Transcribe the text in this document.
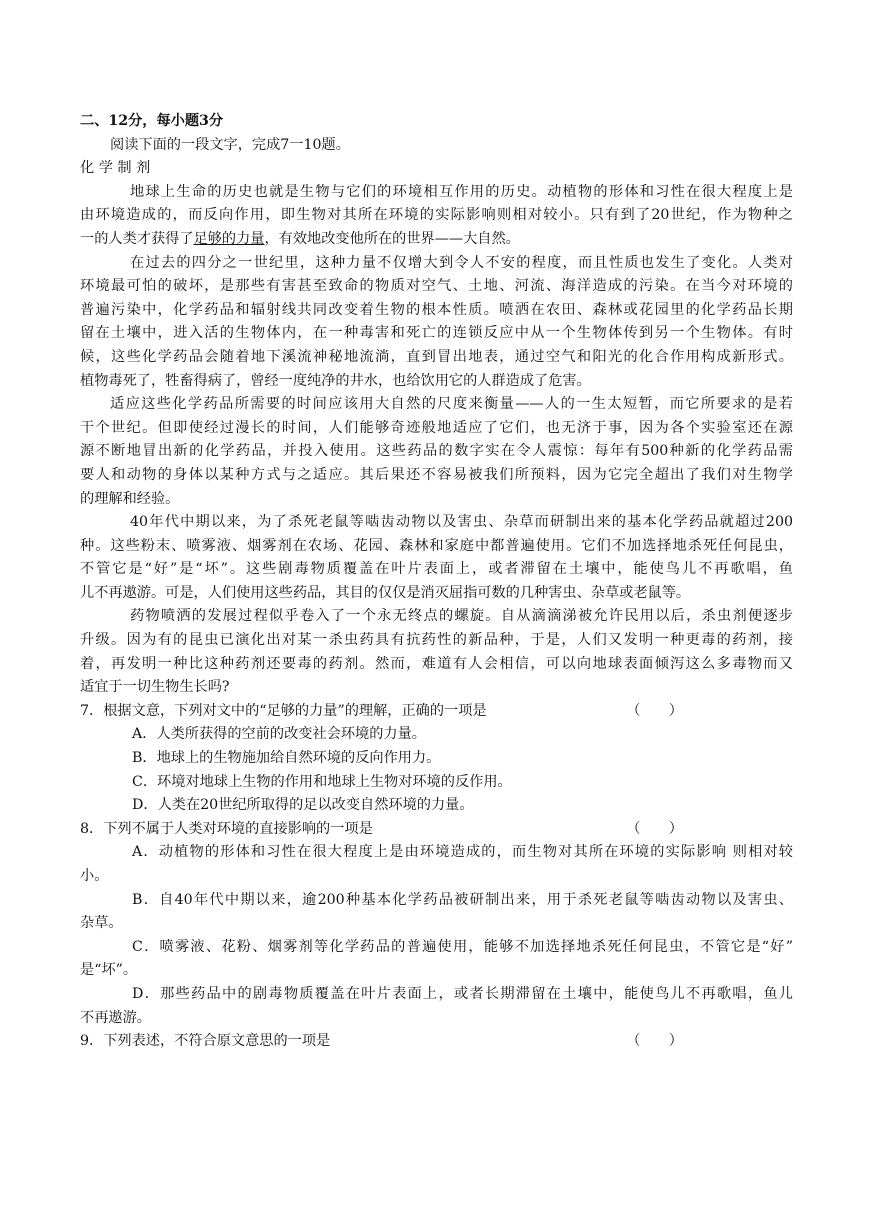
二、12分，每小题3分
阅读下面的一段文字，完成7一10题。
化 学 制 剂
地球上生命的历史也就是生物与它们的环境相互作用的历史。动植物的形体和习性在很大程度上是
由环境造成的，而反向作用，即生物对其所在环境的实际影响则相对较小。只有到了20世纪，作为物种之
一的人类才获得了足够的力量，有效地改变他所在的世界——大自然。
在过去的四分之一世纪里，这种力量不仅增大到令人不安的程度，而且性质也发生了变化。人类对
环境最可怕的破坏，是那些有害甚至致命的物质对空气、土地、河流、海洋造成的污染。在当今对环境的
普遍污染中，化学药品和辐射线共同改变着生物的根本性质。喷洒在农田、森林或花园里的化学药品长期
留在土壤中，进入活的生物体内，在一种毒害和死亡的连锁反应中从一个生物体传到另一个生物体。有时
候，这些化学药品会随着地下溪流神秘地流淌，直到冒出地表，通过空气和阳光的化合作用构成新形式。
植物毒死了，牲畜得病了，曾经一度纯净的井水，也给饮用它的人群造成了危害。
适应这些化学药品所需要的时间应该用大自然的尺度来衡量——人的一生太短暂，而它所要求的是若
干个世纪。但即使经过漫长的时间，人们能够奇迹般地适应了它们，也无济于事，因为各个实验室还在源
源不断地冒出新的化学药品，并投入使用。这些药品的数字实在令人震惊：每年有500种新的化学药品需
要人和动物的身体以某种方式与之适应。其后果还不容易被我们所预料，因为它完全超出了我们对生物学
的理解和经验。
40年代中期以来，为了杀死老鼠等啮齿动物以及害虫、杂草而研制出来的基本化学药品就超过200
种。这些粉末、喷雾液、烟雾剂在农场、花园、森林和家庭中都普遍使用。它们不加选择地杀死任何昆虫，
不管它是“好”是“坏”。这些剧毒物质覆盖在叶片表面上，或者滞留在土壤中，能使鸟儿不再歌唱，鱼
儿不再遨游。可是，人们使用这些药品，其目的仅仅是消灭屈指可数的几种害虫、杂草或老鼠等。
药物喷洒的发展过程似乎卷入了一个永无终点的螺旋。自从滴滴涕被允许民用以后，杀虫剂便逐步
升级。因为有的昆虫已演化出对某一杀虫药具有抗药性的新品种，于是，人们又发明一种更毒的药剂，接
着，再发明一种比这种药剂还要毒的药剂。然而，难道有人会相信，可以向地球表面倾泻这么多毒物而又
适宜于一切生物生长吗?
7．根据文意，下列对文中的“足够的力量”的理解，正确的一项是	（　　）
A．人类所获得的空前的改变社会环境的力量。
B．地球上的生物施加给自然环境的反向作用力。
C．环境对地球上生物的作用和地球上生物对环境的反作用。
D．人类在20世纪所取得的足以改变自然环境的力量。
8．下列不属于人类对环境的直接影响的一项是	（　　）
A．动植物的形体和习性在很大程度上是由环境造成的，而生物对其所在环境的实际影响 则相对较
小。
B．自40年代中期以来，逾200种基本化学药品被研制出来，用于杀死老鼠等啮齿动物以及害虫、
杂草。
C．喷雾液、花粉、烟雾剂等化学药品的普遍使用，能够不加选择地杀死任何昆虫，不管它是“好”
是“坏”。
D．那些药品中的剧毒物质覆盖在叶片表面上，或者长期滞留在土壤中，能使鸟儿不再歌唱，鱼儿
不再遨游。
9．下列表述，不符合原文意思的一项是	（　　）
